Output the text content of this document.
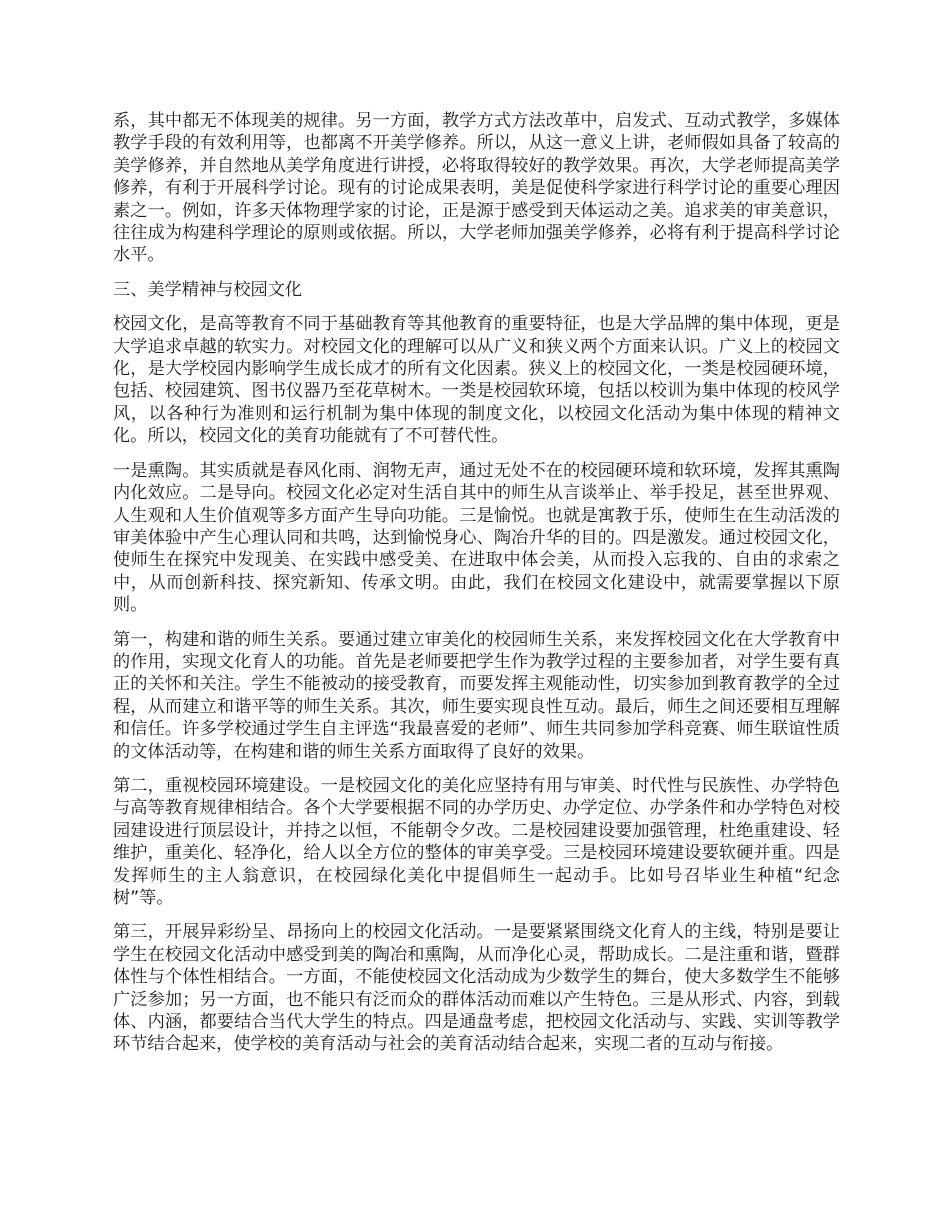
系，其中都无不体现美的规律。另一方面，教学方式方法改革中，启发式、互动式教学，多媒体教学手段的有效利用等，也都离不开美学修养。所以，从这一意义上讲，老师假如具备了较高的美学修养，并自然地从美学角度进行讲授，必将取得较好的教学效果。再次，大学老师提高美学修养，有利于开展科学讨论。现有的讨论成果表明，美是促使科学家进行科学讨论的重要心理因素之一。例如，许多天体物理学家的讨论，正是源于感受到天体运动之美。追求美的审美意识，往往成为构建科学理论的原则或依据。所以，大学老师加强美学修养，必将有利于提高科学讨论水平。

三、美学精神与校园文化

校园文化，是高等教育不同于基础教育等其他教育的重要特征，也是大学品牌的集中体现，更是大学追求卓越的软实力。对校园文化的理解可以从广义和狭义两个方面来认识。广义上的校园文化，是大学校园内影响学生成长成才的所有文化因素。狭义上的校园文化，一类是校园硬环境，包括、校园建筑、图书仪器乃至花草树木。一类是校园软环境，包括以校训为集中体现的校风学风，以各种行为准则和运行机制为集中体现的制度文化，以校园文化活动为集中体现的精神文化。所以，校园文化的美育功能就有了不可替代性。

一是熏陶。其实质就是春风化雨、润物无声，通过无处不在的校园硬环境和软环境，发挥其熏陶内化效应。二是导向。校园文化必定对生活自其中的师生从言谈举止、举手投足，甚至世界观、人生观和人生价值观等多方面产生导向功能。三是愉悦。也就是寓教于乐，使师生在生动活泼的审美体验中产生心理认同和共鸣，达到愉悦身心、陶冶升华的目的。四是激发。通过校园文化，使师生在探究中发现美、在实践中感受美、在进取中体会美，从而投入忘我的、自由的求索之中，从而创新科技、探究新知、传承文明。由此，我们在校园文化建设中，就需要掌握以下原则。

第一，构建和谐的师生关系。要通过建立审美化的校园师生关系，来发挥校园文化在大学教育中的作用，实现文化育人的功能。首先是老师要把学生作为教学过程的主要参加者，对学生要有真正的关怀和关注。学生不能被动的接受教育，而要发挥主观能动性，切实参加到教育教学的全过程，从而建立和谐平等的师生关系。其次，师生要实现良性互动。最后，师生之间还要相互理解和信任。许多学校通过学生自主评选“我最喜爱的老师”、师生共同参加学科竞赛、师生联谊性质的文体活动等，在构建和谐的师生关系方面取得了良好的效果。

第二，重视校园环境建设。一是校园文化的美化应坚持有用与审美、时代性与民族性、办学特色与高等教育规律相结合。各个大学要根据不同的办学历史、办学定位、办学条件和办学特色对校园建设进行顶层设计，并持之以恒，不能朝令夕改。二是校园建设要加强管理，杜绝重建设、轻维护，重美化、轻净化，给人以全方位的整体的审美享受。三是校园环境建设要软硬并重。四是发挥师生的主人翁意识，在校园绿化美化中提倡师生一起动手。比如号召毕业生种植“纪念树”等。

第三，开展异彩纷呈、昂扬向上的校园文化活动。一是要紧紧围绕文化育人的主线，特别是要让学生在校园文化活动中感受到美的陶冶和熏陶，从而净化心灵，帮助成长。二是注重和谐，暨群体性与个体性相结合。一方面，不能使校园文化活动成为少数学生的舞台，使大多数学生不能够广泛参加；另一方面，也不能只有泛而众的群体活动而难以产生特色。三是从形式、内容，到载体、内涵，都要结合当代大学生的特点。四是通盘考虑，把校园文化活动与、实践、实训等教学环节结合起来，使学校的美育活动与社会的美育活动结合起来，实现二者的互动与衔接。
